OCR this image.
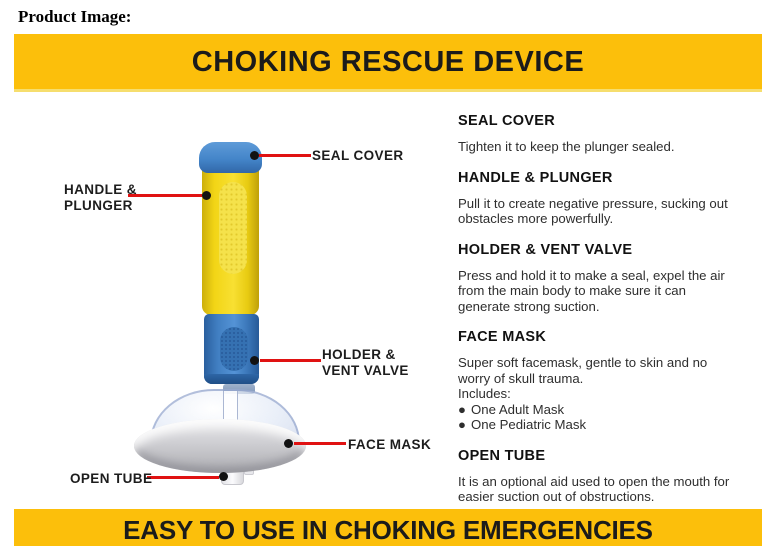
Product Image:
CHOKING RESCUE DEVICE
SEAL COVER
HANDLE & PLUNGER
HOLDER & VENT VALVE
FACE MASK
OPEN TUBE
SEAL COVER
Tighten it to keep the plunger sealed.
HANDLE & PLUNGER
Pull it to create negative pressure, sucking out obstacles more powerfully.
HOLDER & VENT VALVE
Press and hold it to make a seal, expel the air from the main body to make sure it can generate strong suction.
FACE MASK
Super soft facemask, gentle to skin and no worry of skull trauma.
Includes:
● One Adult Mask
● One Pediatric Mask
OPEN TUBE
It is an optional aid used to open the mouth for easier suction out of obstructions.
EASY TO USE IN CHOKING EMERGENCIES
